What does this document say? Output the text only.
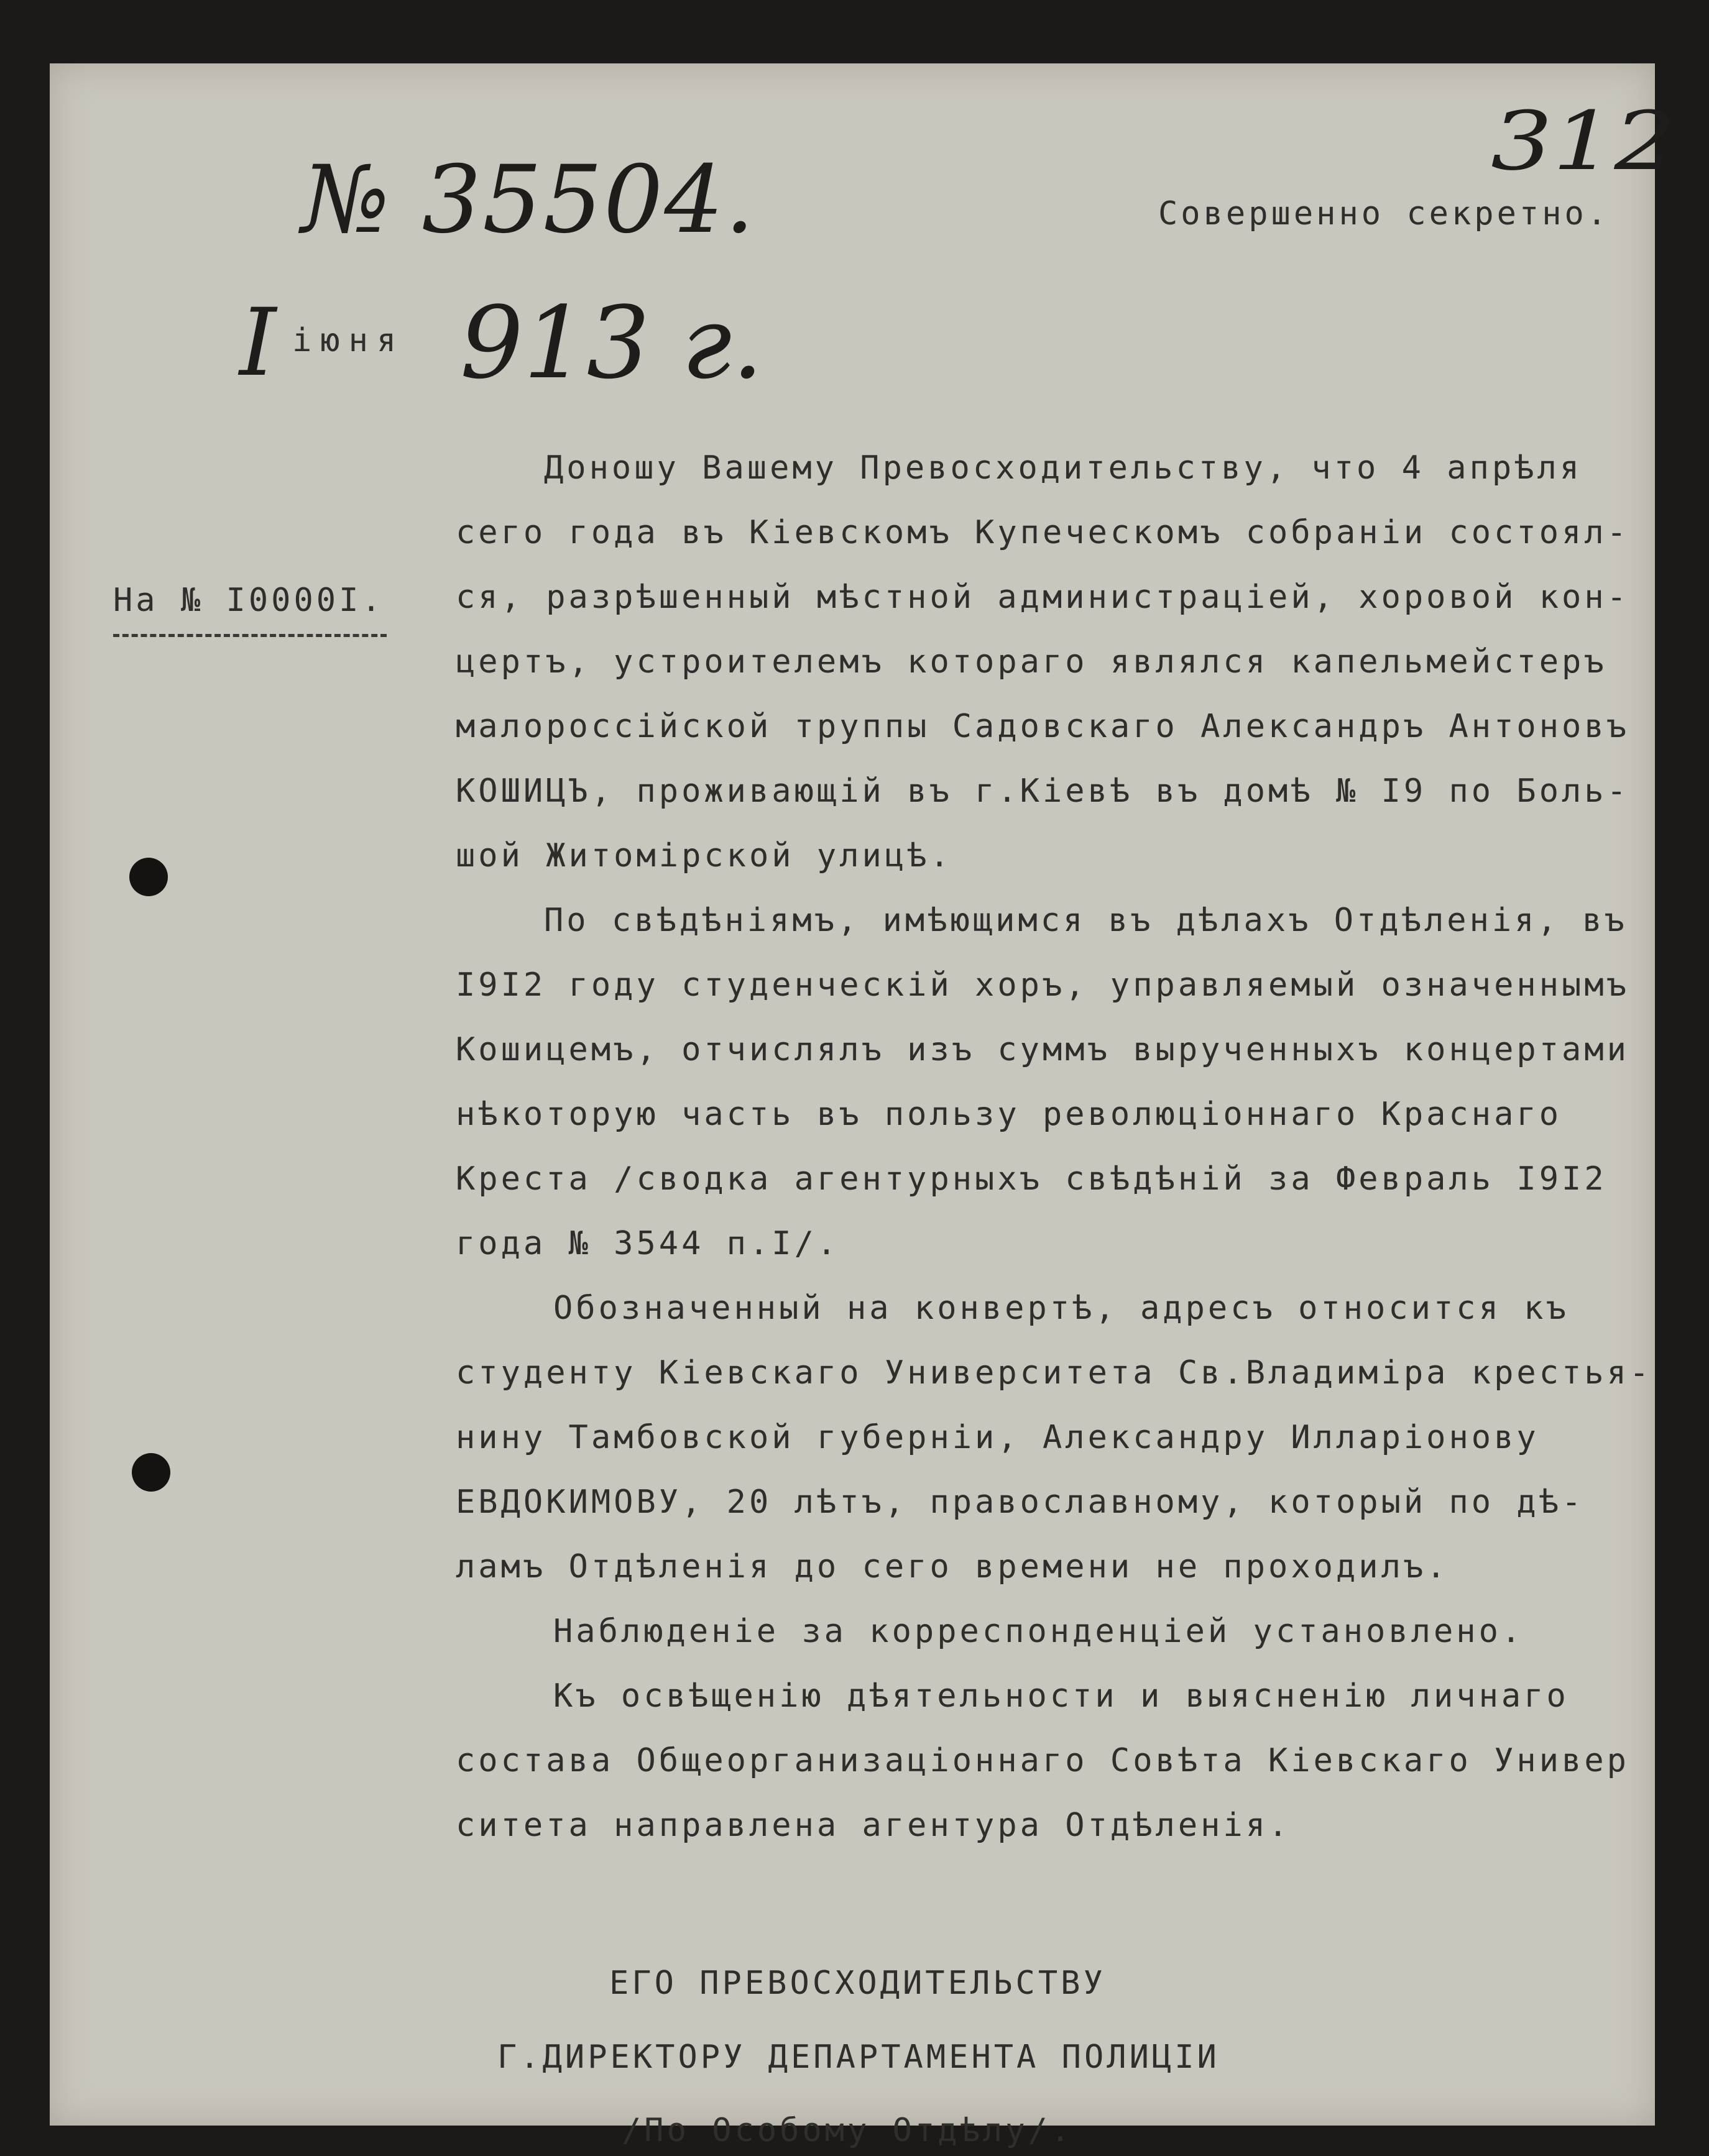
№ 35504.
312
Совершенно секретно.
I іюня 913 г.
На № I0000I.
Доношу Вашему Превосходительству, что 4 апрѣля
сего года въ Кіевскомъ Купеческомъ собраніи состоял-
ся, разрѣшенный мѣстной администраціей, хоровой кон-
цертъ, устроителемъ котораго являлся капельмейстеръ
малороссійской труппы Садовскаго Александръ Антоновъ
КОШИЦЪ, проживающій въ г.Кіевѣ въ домѣ № I9 по Боль-
шой Житомірской улицѣ.
По свѣдѣніямъ, имѣющимся въ дѣлахъ Отдѣленія, въ
I9I2 году студенческій хоръ, управляемый означеннымъ
Кошицемъ, отчислялъ изъ суммъ вырученныхъ концертами
нѣкоторую часть въ пользу революціоннаго Краснаго
Креста /сводка агентурныхъ свѣдѣній за Февраль I9I2
года № 3544 п.I/.
Обозначенный на конвертѣ, адресъ относится къ
студенту Кіевскаго Университета Св.Владиміра крестья-
нину Тамбовской губерніи, Александру Илларіонову
ЕВДОКИМОВУ, 20 лѣтъ, православному, который по дѣ-
ламъ Отдѣленія до сего времени не проходилъ.
Наблюденіе за корреспонденціей установлено.
Къ освѣщенію дѣятельности и выясненію личнаго
состава Общеорганизаціоннаго Совѣта Кіевскаго Универ
ситета направлена агентура Отдѣленія.
ЕГО ПРЕВОСХОДИТЕЛЬСТВУ
Г.ДИРЕКТОРУ ДЕПАРТАМЕНТА ПОЛИЦІИ
/По Особому Отдѣлу/.
